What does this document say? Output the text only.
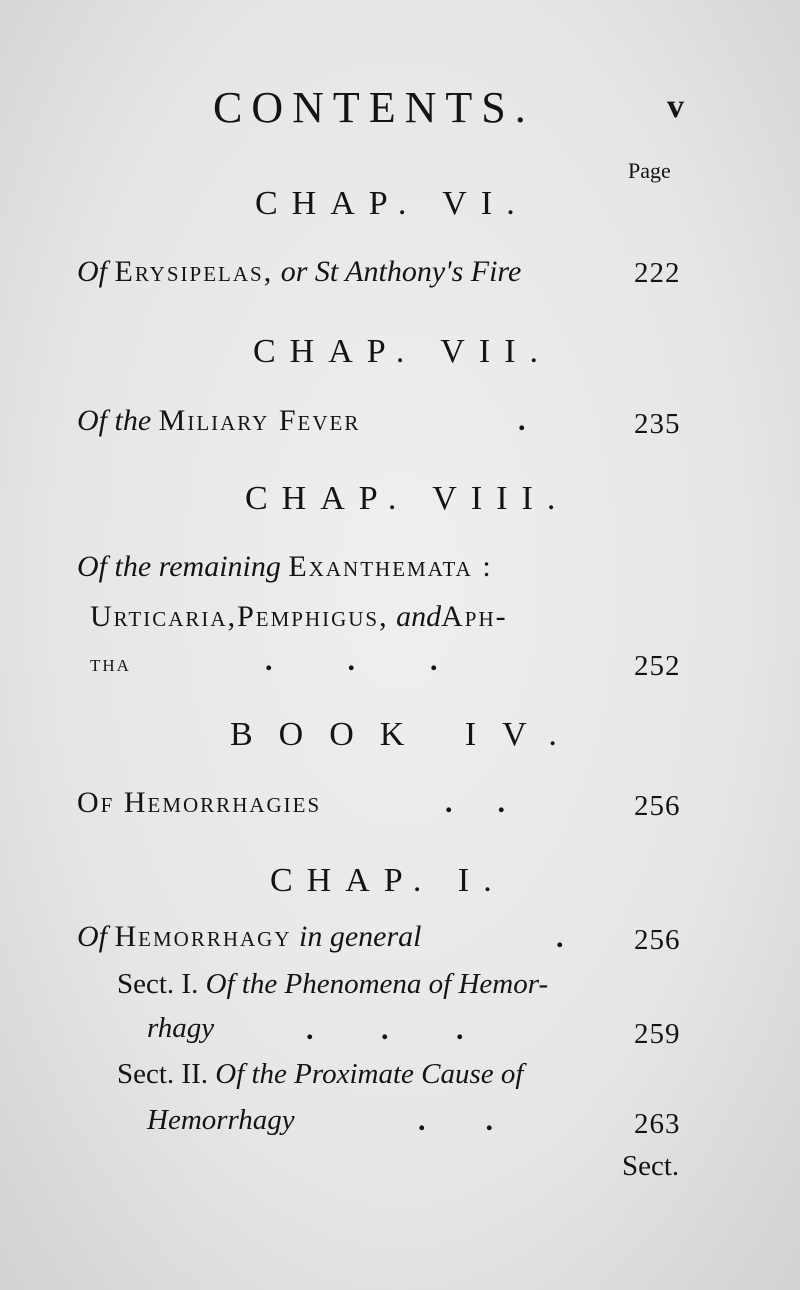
CONTENTS.	v
Page
CHAP. VI.
Of Erysipelas, or St Anthony's Fire	222
CHAP. VII.
Of the Miliary Fever	.	235
CHAP. VIII.
Of the remaining Exanthemata :
Urticaria,Pemphigus, andAph-
tha	.          .          .	252
BOOK IV.
Of Hemorrhagies	.      .	256
CHAP. I.
Of Hemorrhagy in general	. 256
Sect. I. Of the Phenomena of Hemor-
rhagy	.         .         .	259
Sect. II. Of the Proximate Cause of
Hemorrhagy	.        .	263
Sect.
